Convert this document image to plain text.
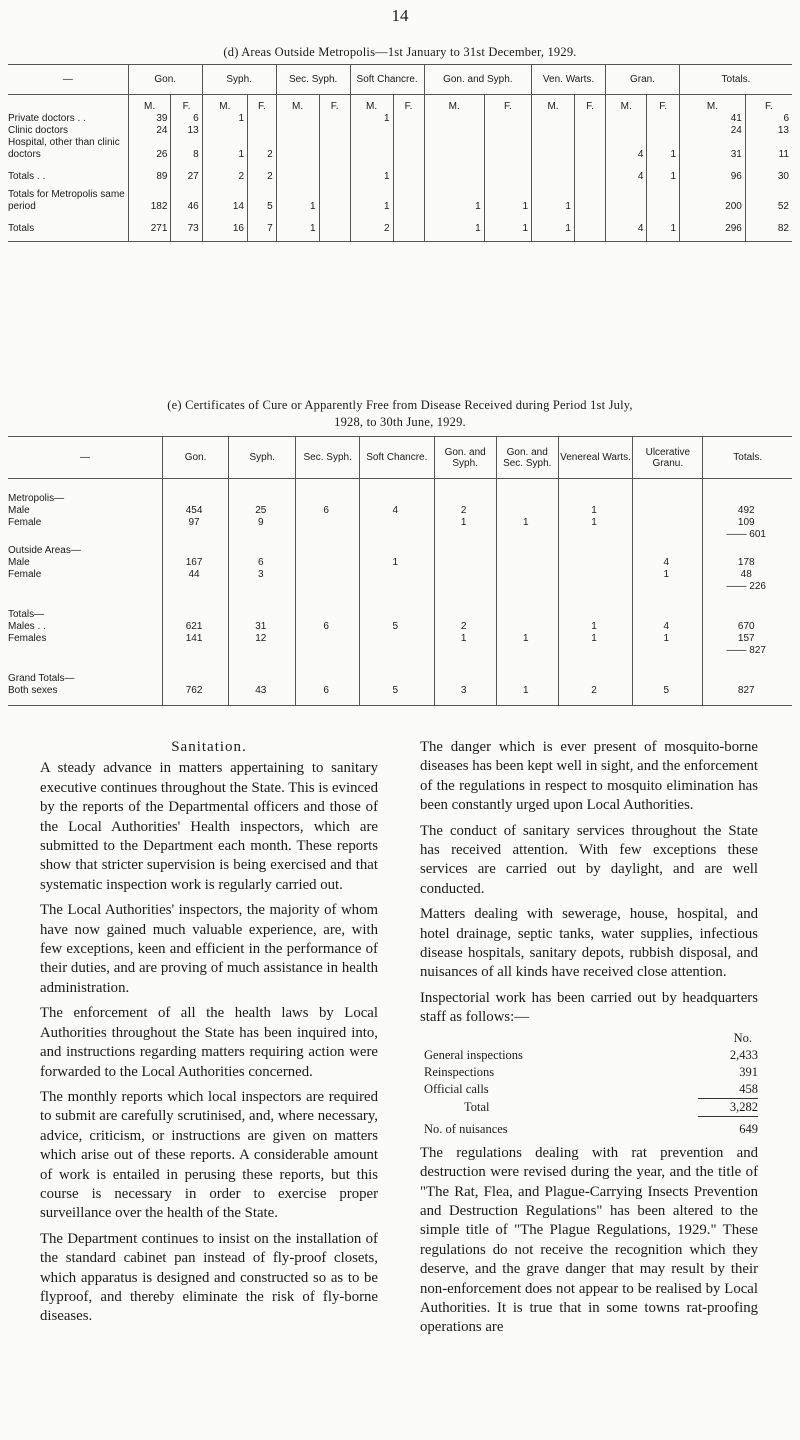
14
(d) Areas Outside Metropolis—1st January to 31st December, 1929.
—	Gon.		Syph.		Sec. Syph.		Soft Chancre.		Gon. and Syph.		Ven. Warts.		Gran.		Totals.	
	M.	F.	M.	F.	M.	F.	M.	F.	M.	F.	M.	F.	M.	F.	M.	F.
Private doctors . .	39	6	1				1								41	6
Clinic doctors	24	13													24	13
Hospital, other than clinic																
doctors	26	8	1	2									4	1	31	11
Totals . .	89	27	2	2			1						4	1	96	30
Totals for Metropolis same																
period	182	46	14	5	1		1		1	1	1				200	52
Totals	271	73	16	7	1		2		1	1	1		4	1	296	82
(e) Certificates of Cure or Apparently Free from Disease Received during Period 1st July,
1928, to 30th June, 1929.
—	Gon.	Syph.	Sec. Syph.	Soft Chancre.	Gon. and Syph.	Gon. and Sec. Syph.	Venereal Warts.	Ulcerative Granu.	Totals.
Metropolis—									
Male	454	25	6	4	2		1		492
Female	97	9			1	1	1		109
									—— 601
Outside Areas—									
Male	167	6		1				4	178
Female	44	3						1	48
									—— 226
Totals—									
Males . .	621	31	6	5	2		1	4	670
Females	141	12			1	1	1	1	157
									—— 827
Grand Totals—									
Both sexes	762	43	6	5	3	1	2	5	827
Sanitation.

A steady advance in matters appertaining to sanitary executive continues throughout the State. This is evinced by the reports of the Departmental officers and those of the Local Authorities' Health inspectors, which are submitted to the Department each month. These reports show that stricter supervision is being exercised and that systematic inspection work is regularly carried out.

The Local Authorities' inspectors, the majority of whom have now gained much valuable experience, are, with few exceptions, keen and efficient in the performance of their duties, and are proving of much assistance in health administration.

The enforcement of all the health laws by Local Authorities throughout the State has been inquired into, and instructions regarding matters requiring action were forwarded to the Local Authorities concerned.

The monthly reports which local inspectors are required to submit are carefully scrutinised, and, where necessary, advice, criticism, or instructions are given on matters which arise out of these reports. A considerable amount of work is entailed in perusing these reports, but this course is necessary in order to exercise proper surveillance over the health of the State.

The Department continues to insist on the installation of the standard cabinet pan instead of fly-proof closets, which apparatus is designed and constructed so as to be flyproof, and thereby eliminate the risk of fly-borne diseases.

The danger which is ever present of mosquito-borne diseases has been kept well in sight, and the enforcement of the regulations in respect to mosquito elimination has been constantly urged upon Local Authorities.

The conduct of sanitary services throughout the State has received attention. With few exceptions these services are carried out by daylight, and are well conducted.

Matters dealing with sewerage, house, hospital, and hotel drainage, septic tanks, water supplies, infectious disease hospitals, sanitary depots, rubbish disposal, and nuisances of all kinds have received close attention.

Inspectorial work has been carried out by headquarters staff as follows:—

No.
General inspections	2,433
Reinspections	391
Official calls	458
Total	3,282
No. of nuisances	649

The regulations dealing with rat prevention and destruction were revised during the year, and the title of "The Rat, Flea, and Plague-Carrying Insects Prevention and Destruction Regulations" has been altered to the simple title of "The Plague Regulations, 1929." These regulations do not receive the recognition which they deserve, and the grave danger that may result by their non-enforcement does not appear to be realised by Local Authorities. It is true that in some towns rat-proofing operations are
